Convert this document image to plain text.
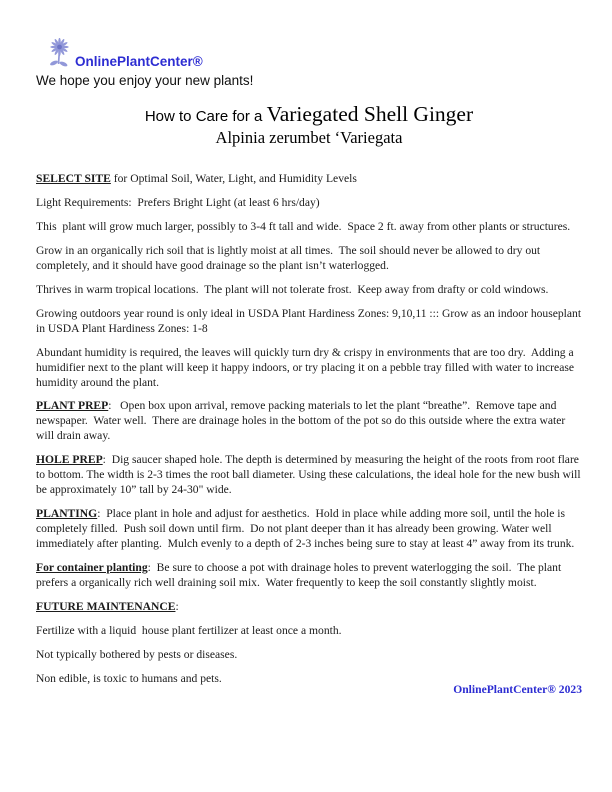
OnlinePlantCenter®
We hope you enjoy your new plants!
How to Care for a Variegated Shell Ginger
Alpinia zerumbet ‘Variegata

SELECT SITE for Optimal Soil, Water, Light, and Humidity Levels

Light Requirements:  Prefers Bright Light (at least 6 hrs/day)

This  plant will grow much larger, possibly to 3-4 ft tall and wide.  Space 2 ft. away from other plants or structures.

Grow in an organically rich soil that is lightly moist at all times.  The soil should never be allowed to dry out completely, and it should have good drainage so the plant isn’t waterlogged.

Thrives in warm tropical locations.  The plant will not tolerate frost.  Keep away from drafty or cold windows.

Growing outdoors year round is only ideal in USDA Plant Hardiness Zones: 9,10,11 ::: Grow as an indoor houseplant in USDA Plant Hardiness Zones: 1-8

Abundant humidity is required, the leaves will quickly turn dry & crispy in environments that are too dry.  Adding a humidifier next to the plant will keep it happy indoors, or try placing it on a pebble tray filled with water to increase humidity around the plant.

PLANT PREP:   Open box upon arrival, remove packing materials to let the plant “breathe”.  Remove tape and newspaper.  Water well.  There are drainage holes in the bottom of the pot so do this outside where the extra water will drain away.

HOLE PREP:  Dig saucer shaped hole. The depth is determined by measuring the height of the roots from root flare to bottom. The width is 2-3 times the root ball diameter. Using these calculations, the ideal hole for the new bush will be approximately 10” tall by 24-30" wide.

PLANTING:  Place plant in hole and adjust for aesthetics.  Hold in place while adding more soil, until the hole is completely filled.  Push soil down until firm.  Do not plant deeper than it has already been growing. Water well immediately after planting.  Mulch evenly to a depth of 2-3 inches being sure to stay at least 4” away from its trunk.

For container planting:  Be sure to choose a pot with drainage holes to prevent waterlogging the soil.  The plant prefers a organically rich well draining soil mix.  Water frequently to keep the soil constantly slightly moist.

FUTURE MAINTENANCE:

Fertilize with a liquid  house plant fertilizer at least once a month.

Not typically bothered by pests or diseases.

Non edible, is toxic to humans and pets.

OnlinePlantCenter® 2023
